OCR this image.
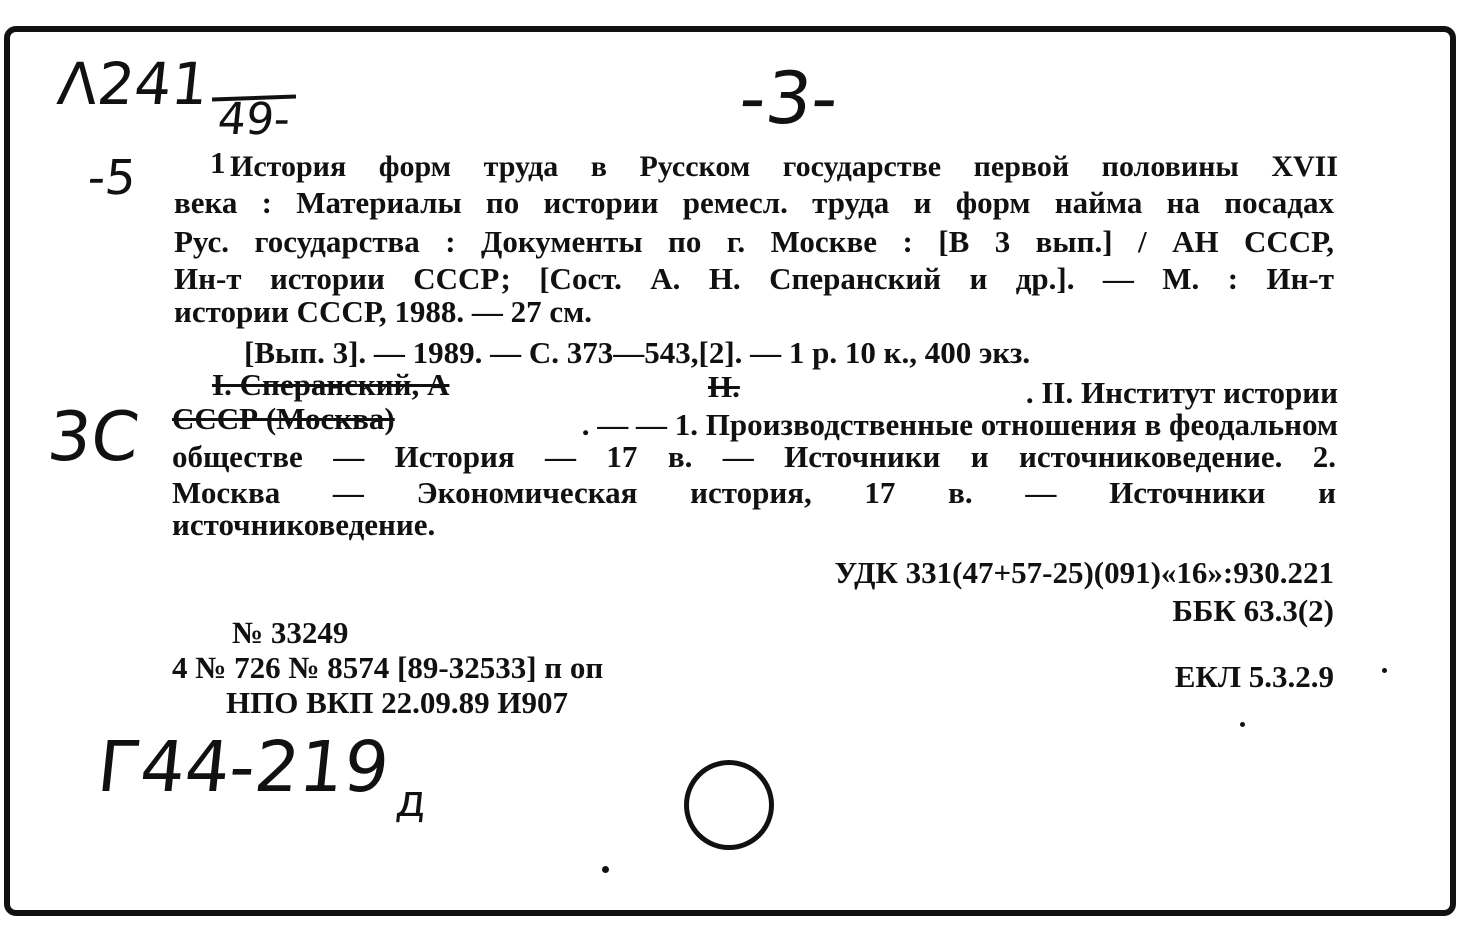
Λ241
49-	-3-
-5
3C
Г44-219 д
1 История форм труда в Русском государстве первой половины XVII
века : Материалы по истории ремесл. труда и форм найма на посадах
Рус. государства : Документы по г. Москве : [В 3 вып.] / АН СССР,
Ин-т истории СССР; [Сост. А. Н. Сперанский и др.]. — М. : Ин-т
истории СССР, 1988. — 27 см.
[Вып. 3]. — 1989. — С. 373—543,[2]. — 1 р. 10 к., 400 экз.
I. Сперанский, А	Н.	. II. Институт истории
СССР (Москва)	. — — 1. Производственные отношения в феодальном
обществе — История — 17 в. — Источники и источниковедение. 2.
Москва — Экономическая история, 17 в. — Источники и
источниковедение.
УДК 331(47+57-25)(091)«16»:930.221
ББК 63.3(2)
ЕКЛ 5.3.2.9
№ 33249
4 № 726 № 8574 [89-32533] п оп
НПО ВКП 22.09.89 И907
